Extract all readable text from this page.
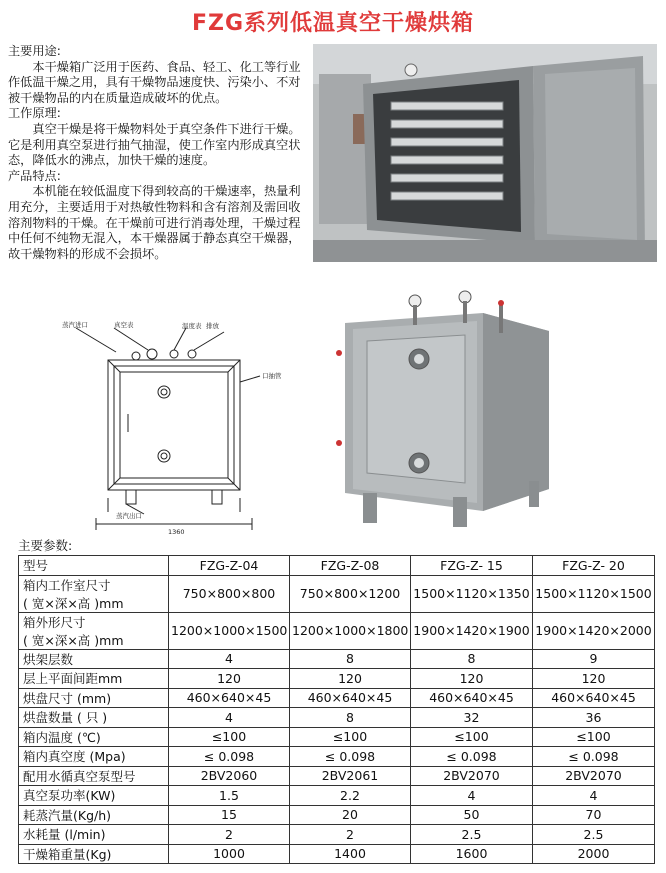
FZG系列低温真空干燥烘箱
主要用途:
本干燥箱广泛用于医药、食品、轻工、化工等行业作低温干燥之用，具有干燥物品速度快、污染小、不对被干燥物品的内在质量造成破坏的优点。
工作原理:
真空干燥是将干燥物料处于真空条件下进行干燥。它是利用真空泵进行抽气抽湿，使工作室内形成真空状态，降低水的沸点，加快干燥的速度。
产品特点:
本机能在较低温度下得到较高的干燥速率，热量利用充分，主要适用于对热敏性物料和含有溶剂及需回收溶剂物料的干燥。在干燥前可进行消毒处理，干燥过程中任何不纯物无混入，本干燥器属于静态真空干燥器，故干燥物料的形成不会损坏。
蒸汽进口	真空表	温度表 排放
口抽管
蒸汽出口
1360
主要参数:
型号	FZG-Z-04	FZG-Z-08	FZG-Z- 15	FZG-Z- 20

箱内工作室尺寸
( 宽×深×高 )mm	750×800×800	750×800×1200	1500×1120×1350	1500×1120×1500

箱外形尺寸
( 宽×深×高 )mm	1200×1000×1500	1200×1000×1800	1900×1420×1900	1900×1420×2000

烘架层数	4	8	8	9

层上平面间距mm	120	120	120	120

烘盘尺寸 (mm)	460×640×45	460×640×45	460×640×45	460×640×45

烘盘数量 ( 只 )	4	8	32	36

箱内温度 (℃)	≤100	≤100	≤100	≤100

箱内真空度 (Mpa)	≤ 0.098	≤ 0.098	≤ 0.098	≤ 0.098

配用水循真空泵型号	2BV2060	2BV2061	2BV2070	2BV2070

真空泵功率(KW)	1.5	2.2	4	4

耗蒸汽量(Kg/h)	15	20	50	70

水耗量 (l/min)	2	2	2.5	2.5

干燥箱重量(Kg)	1000	1400	1600	2000
